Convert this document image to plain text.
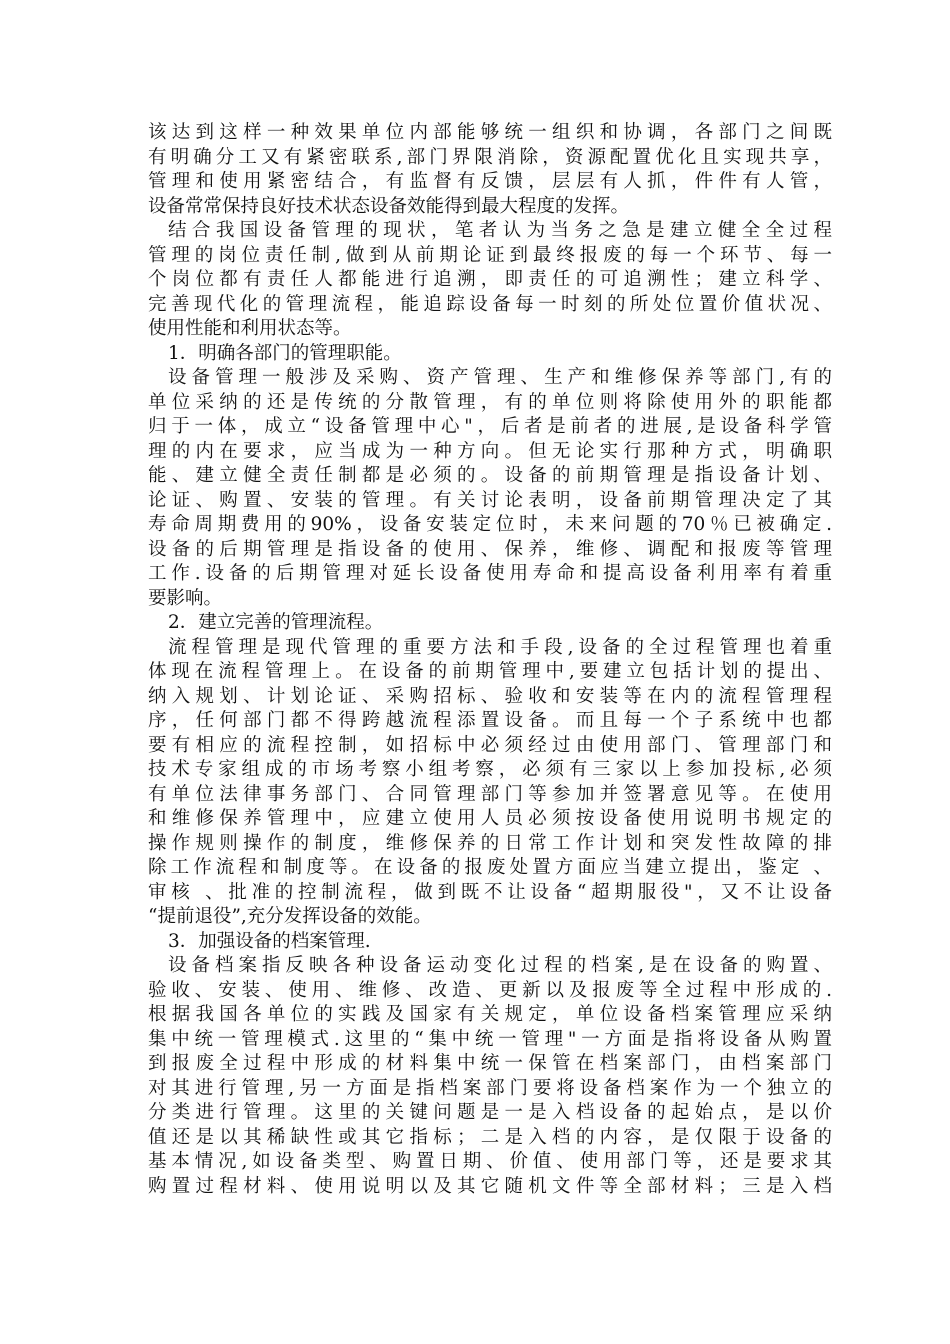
该达到这样一种效果单位内部能够统一组织和协调，各部门之间既
有明确分工又有紧密联系,部门界限消除，资源配置优化且实现共享，
管理和使用紧密结合，有监督有反馈，层层有人抓，件件有人管，
设备常常保持良好技术状态设备效能得到最大程度的发挥。
结合我国设备管理的现状，笔者认为当务之急是建立健全全过程
管理的岗位责任制,做到从前期论证到最终报废的每一个环节、每一
个岗位都有责任人都能进行追溯，即责任的可追溯性；建立科学、
完善现代化的管理流程，能追踪设备每一时刻的所处位置价值状况、
使用性能和利用状态等。
1．明确各部门的管理职能。
设备管理一般涉及采购、资产管理、生产和维修保养等部门,有的
单位采纳的还是传统的分散管理，有的单位则将除使用外的职能都
归于一体，成立“设备管理中心"，后者是前者的进展,是设备科学管
理的内在要求，应当成为一种方向。但无论实行那种方式，明确职
能、建立健全责任制都是必须的。设备的前期管理是指设备计划、
论证、购置、安装的管理。有关讨论表明，设备前期管理决定了其
寿命周期费用的90%，设备安装定位时，未来问题的70％已被确定.
设备的后期管理是指设备的使用、保养，维修、调配和报废等管理
工作.设备的后期管理对延长设备使用寿命和提高设备利用率有着重
要影响。
2．建立完善的管理流程。
流程管理是现代管理的重要方法和手段,设备的全过程管理也着重
体现在流程管理上。在设备的前期管理中,要建立包括计划的提出、
纳入规划、计划论证、采购招标、验收和安装等在内的流程管理程
序，任何部门都不得跨越流程添置设备。而且每一个子系统中也都
要有相应的流程控制，如招标中必须经过由使用部门、管理部门和
技术专家组成的市场考察小组考察，必须有三家以上参加投标,必须
有单位法律事务部门、合同管理部门等参加并签署意见等。在使用
和维修保养管理中，应建立使用人员必须按设备使用说明书规定的
操作规则操作的制度，维修保养的日常工作计划和突发性故障的排
除工作流程和制度等。在设备的报废处置方面应当建立提出，鉴定 、
审核 、批准的控制流程，做到既不让设备“超期服役"，又不让设备
“提前退役”,充分发挥设备的效能。
3．加强设备的档案管理.
设备档案指反映各种设备运动变化过程的档案,是在设备的购置、
验收、安装、使用、维修、改造、更新以及报废等全过程中形成的.
根据我国各单位的实践及国家有关规定，单位设备档案管理应采纳
集中统一管理模式.这里的“集中统一管理"一方面是指将设备从购置
到报废全过程中形成的材料集中统一保管在档案部门，由档案部门
对其进行管理,另一方面是指档案部门要将设备档案作为一个独立的
分类进行管理。这里的关键问题是一是入档设备的起始点，是以价
值还是以其稀缺性或其它指标；二是入档的内容，是仅限于设备的
基本情况,如设备类型、购置日期、价值、使用部门等，还是要求其
购置过程材料、使用说明以及其它随机文件等全部材料；三是入档
